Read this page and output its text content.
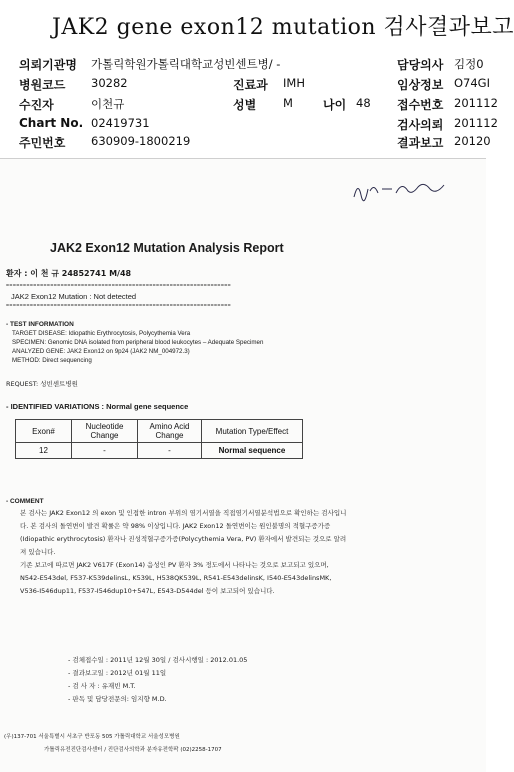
JAK2 gene exon12 mutation 검사결과보고
의뢰기관명 가톨릭학원가톨릭대학교성빈센트병/ -	담당의사 김정0
병원코드 30282	진료과 IMH	임상정보 O74GI
수진자	이천규	성별 M	나이 48 접수번호 201112
Chart No. 02419731	검사의뢰 201112
주민번호 630909-1800219	결과보고 20120
사진~
JAK2 Exon12 Mutation Analysis Report
환자 : 이 천 규 24852741 M/48
==================================================================
JAK2 Exon12 Mutation : Not detected
==================================================================
- TEST INFORMATION
TARGET DISEASE: Idiopathic Erythrocytosis, Polycythemia Vera
SPECIMEN: Genomic DNA isolated from peripheral blood leukocytes – Adequate Specimen
ANALYZED GENE: JAK2 Exon12 on 9p24 (JAK2 NM_004972.3)
METHOD: Direct sequencing
REQUEST: 성빈센트병원
- IDENTIFIED VARIATIONS : Normal gene sequence
Exon#	Nucleotide Change	Amino Acid Change	Mutation Type/Effect
12	-	-	Normal sequence
- COMMENT
본 검사는 JAK2 Exon12 의 exon 및 인접한 intron 부위의 염기서열을 직접염기서열분석법으로 확인하는 검사입니다. 본 검사의 돌연변이 발견 확률은 약 98% 이상입니다. JAK2 Exon12 돌연변이는 원인불명의 적혈구증가증(Idiopathic erythrocytosis) 환자나 진성적혈구증가증(Polycythemia Vera, PV) 환자에서 발견되는 것으로 알려져 있습니다.
기존 보고에 따르면 JAK2 V617F (Exon14) 음성인 PV 환자 3% 정도에서 나타나는 것으로 보고되고 있으며, N542-E543del, F537-K539delinsL, K539L, H538QK539L, R541-E543delinsK, I540-E543delinsMK, V536-I546dup11, F537-I546dup10+547L, E543-D544del 등이 보고되어 있습니다.
- 검체접수일 : 2011년 12월 30일 / 검사시행일 : 2012.01.05
- 결과보고일 : 2012년 01월 11일
- 검 사 자 : 유재빈 M.T.
- 판독 및 담당전문의: 임지향 M.D.
(우)137-701 서울특별시 서초구 반포동 505 가톨릭대학교 서울성모병원
가톨릭유전진단검사센터 / 진단검사의학과 분자유전학팍 (02)2258-1707
